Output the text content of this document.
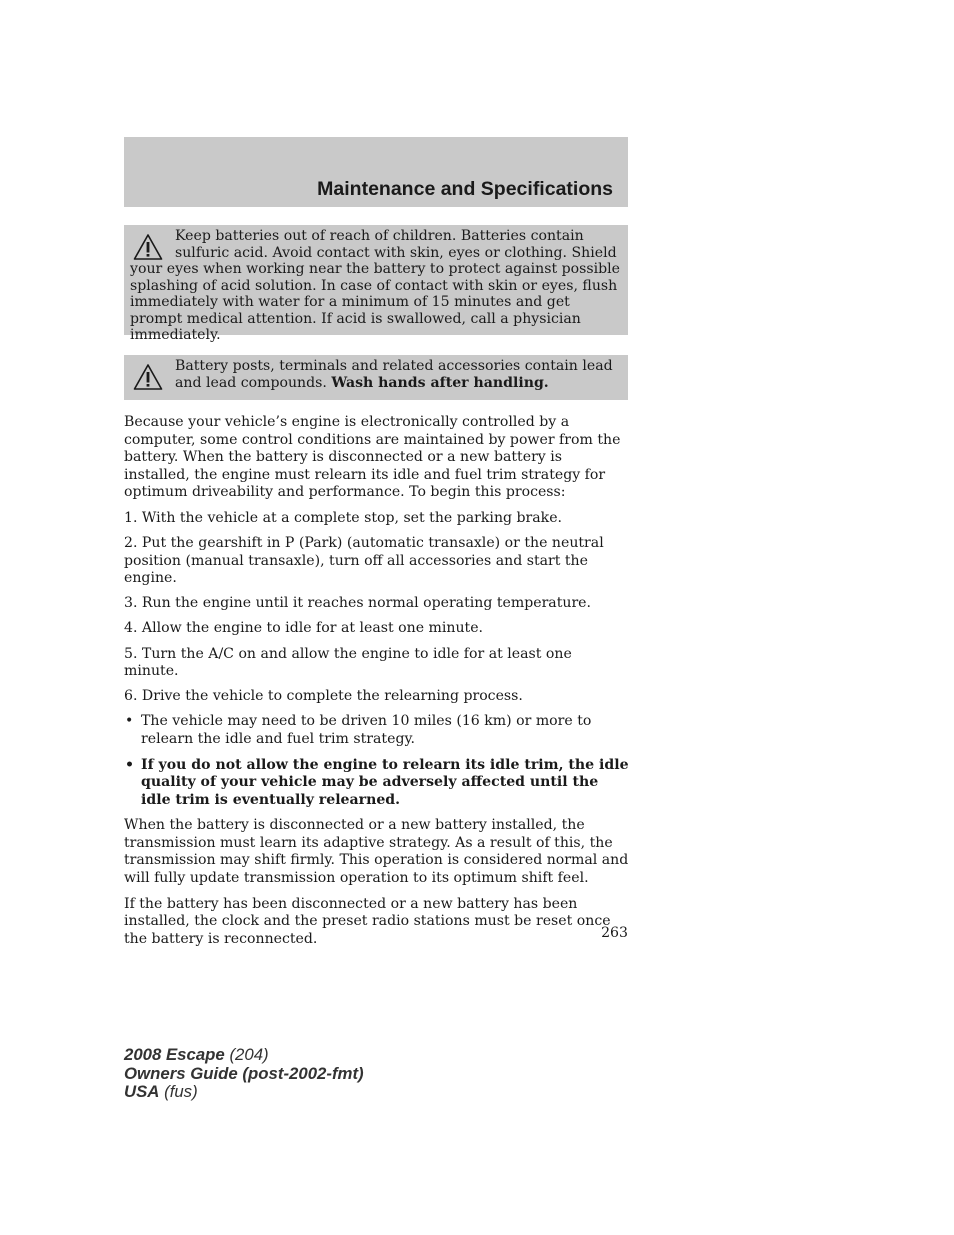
Maintenance and Specifications
Keep batteries out of reach of children. Batteries contain sulfuric acid. Avoid contact with skin, eyes or clothing. Shield your eyes when working near the battery to protect against possible splashing of acid solution. In case of contact with skin or eyes, flush immediately with water for a minimum of 15 minutes and get prompt medical attention. If acid is swallowed, call a physician immediately.
Battery posts, terminals and related accessories contain lead and lead compounds. Wash hands after handling.

Because your vehicle’s engine is electronically controlled by a computer, some control conditions are maintained by power from the battery. When the battery is disconnected or a new battery is installed, the engine must relearn its idle and fuel trim strategy for optimum driveability and performance. To begin this process:

1. With the vehicle at a complete stop, set the parking brake.

2. Put the gearshift in P (Park) (automatic transaxle) or the neutral position (manual transaxle), turn off all accessories and start the engine.

3. Run the engine until it reaches normal operating temperature.

4. Allow the engine to idle for at least one minute.

5. Turn the A/C on and allow the engine to idle for at least one minute.

6. Drive the vehicle to complete the relearning process.

• The vehicle may need to be driven 10 miles (16 km) or more to relearn the idle and fuel trim strategy.
• If you do not allow the engine to relearn its idle trim, the idle quality of your vehicle may be adversely affected until the idle trim is eventually relearned.

When the battery is disconnected or a new battery installed, the transmission must learn its adaptive strategy. As a result of this, the transmission may shift firmly. This operation is considered normal and will fully update transmission operation to its optimum shift feel.

If the battery has been disconnected or a new battery has been installed, the clock and the preset radio stations must be reset once the battery is reconnected.	263
2008 Escape (204)
Owners Guide (post-2002-fmt)
USA (fus)
